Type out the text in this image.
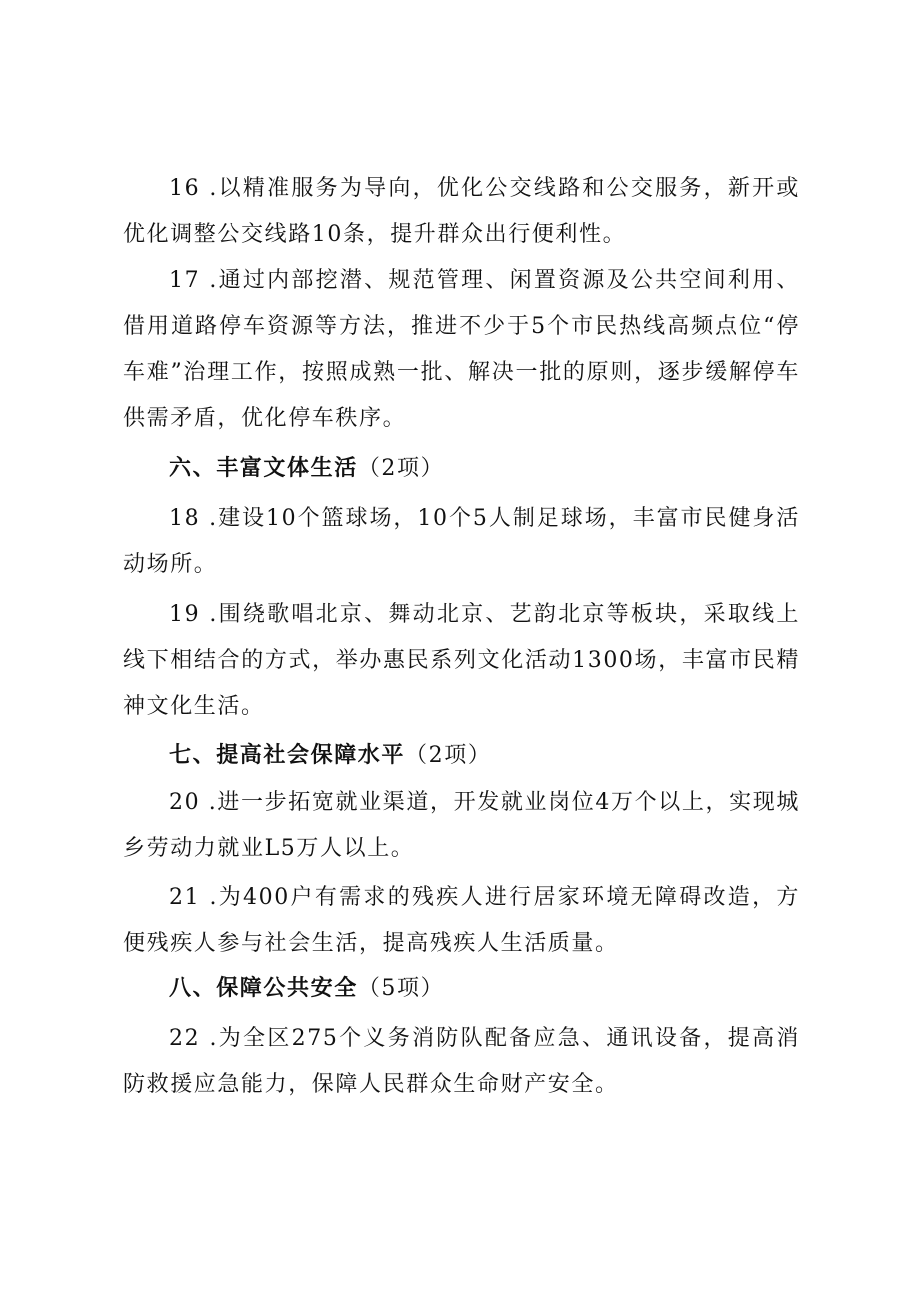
16 .以精准服务为导向，优化公交线路和公交服务，新开或优化调整公交线路10条，提升群众出行便利性。

17 .通过内部挖潜、规范管理、闲置资源及公共空间利用、借用道路停车资源等方法，推进不少于5个市民热线高频点位“停车难”治理工作，按照成熟一批、解决一批的原则，逐步缓解停车供需矛盾，优化停车秩序。

六、丰富文体生活（2项）

18 .建设10个篮球场，10个5人制足球场，丰富市民健身活动场所。

19 .围绕歌唱北京、舞动北京、艺韵北京等板块，采取线上线下相结合的方式，举办惠民系列文化活动1300场，丰富市民精神文化生活。

七、提高社会保障水平（2项）

20 .进一步拓宽就业渠道，开发就业岗位4万个以上，实现城乡劳动力就业L5万人以上。

21 .为400户有需求的残疾人进行居家环境无障碍改造，方便残疾人参与社会生活，提高残疾人生活质量。

八、保障公共安全（5项）

22 .为全区275个义务消防队配备应急、通讯设备，提高消防救援应急能力，保障人民群众生命财产安全。
